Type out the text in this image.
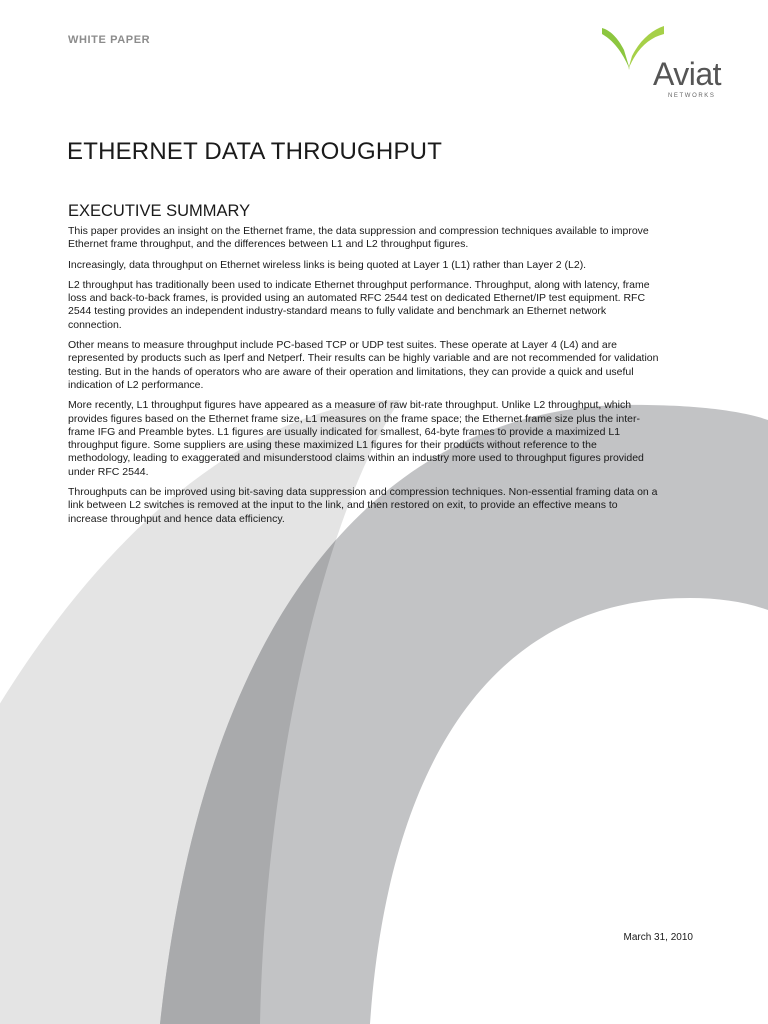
WHITE PAPER
Aviat
NETWORKS
ETHERNET DATA THROUGHPUT
EXECUTIVE SUMMARY

This paper provides an insight on the Ethernet frame, the data suppression and compression techniques available to improve Ethernet frame throughput, and the differences between L1 and L2 throughput figures.

Increasingly, data throughput on Ethernet wireless links is being quoted at Layer 1 (L1) rather than Layer 2 (L2).

L2 throughput has traditionally been used to indicate Ethernet throughput performance. Throughput, along with latency, frame loss and back-to-back frames, is provided using an automated RFC 2544 test on dedicated Ethernet/IP test equipment. RFC 2544 testing provides an independent industry-standard means to fully validate and benchmark an Ethernet network connection.

Other means to measure throughput include PC-based TCP or UDP test suites. These operate at Layer 4 (L4) and are represented by products such as Iperf and Netperf. Their results can be highly variable and are not recommended for validation testing. But in the hands of operators who are aware of their operation and limitations, they can provide a quick and useful indication of L2 performance.

More recently, L1 throughput figures have appeared as a measure of raw bit-rate throughput. Unlike L2 throughput, which provides figures based on the Ethernet frame size, L1 measures on the frame space; the Ethernet frame size plus the inter-frame IFG and Preamble bytes. L1 figures are usually indicated for smallest, 64-byte frames to provide a maximized L1 throughput figure. Some suppliers are using these maximized L1 figures for their products without reference to the methodology, leading to exaggerated and misunderstood claims within an industry more used to throughput figures provided under RFC 2544.

Throughputs can be improved using bit-saving data suppression and compression techniques. Non-essential framing data on a link between L2 switches is removed at the input to the link, and then restored on exit, to provide an effective means to increase throughput and hence data efficiency.

March 31, 2010
